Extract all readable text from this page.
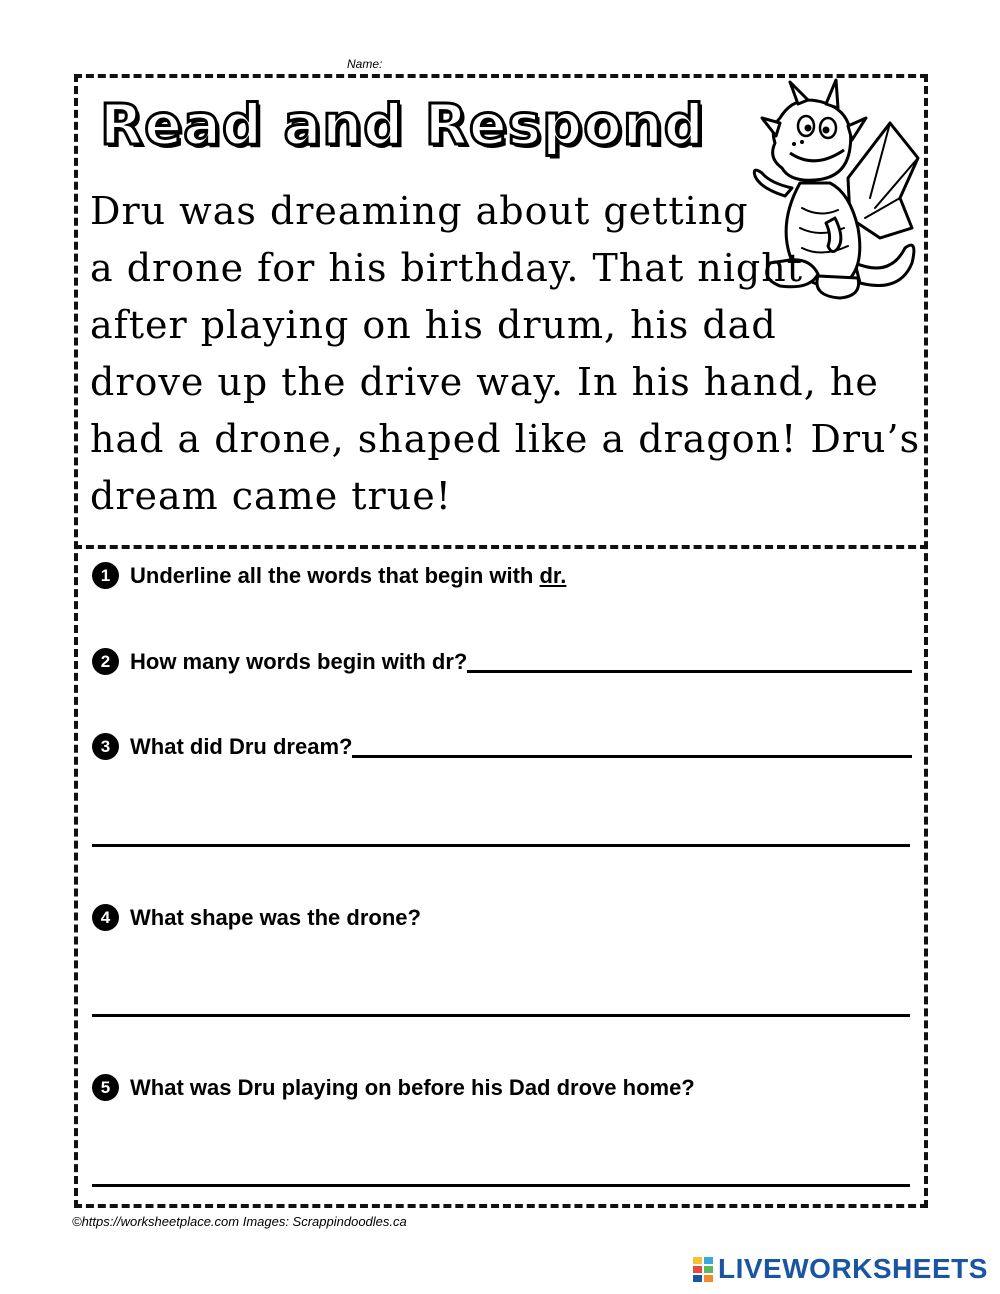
Name:
Read and Respond
Dru was dreaming about getting
a drone for his birthday. That night
after playing on his drum, his dad
drove up the drive way. In his hand, he
had a drone, shaped like a dragon! Dru’s
dream came true!
1 Underline all the words that begin with dr.
2 How many words begin with dr?
3 What did Dru dream?
4 What shape was the drone?
5 What was Dru playing on before his Dad drove home?
©https://worksheetplace.com Images: Scrappindoodles.ca
LIVEWORKSHEETS
